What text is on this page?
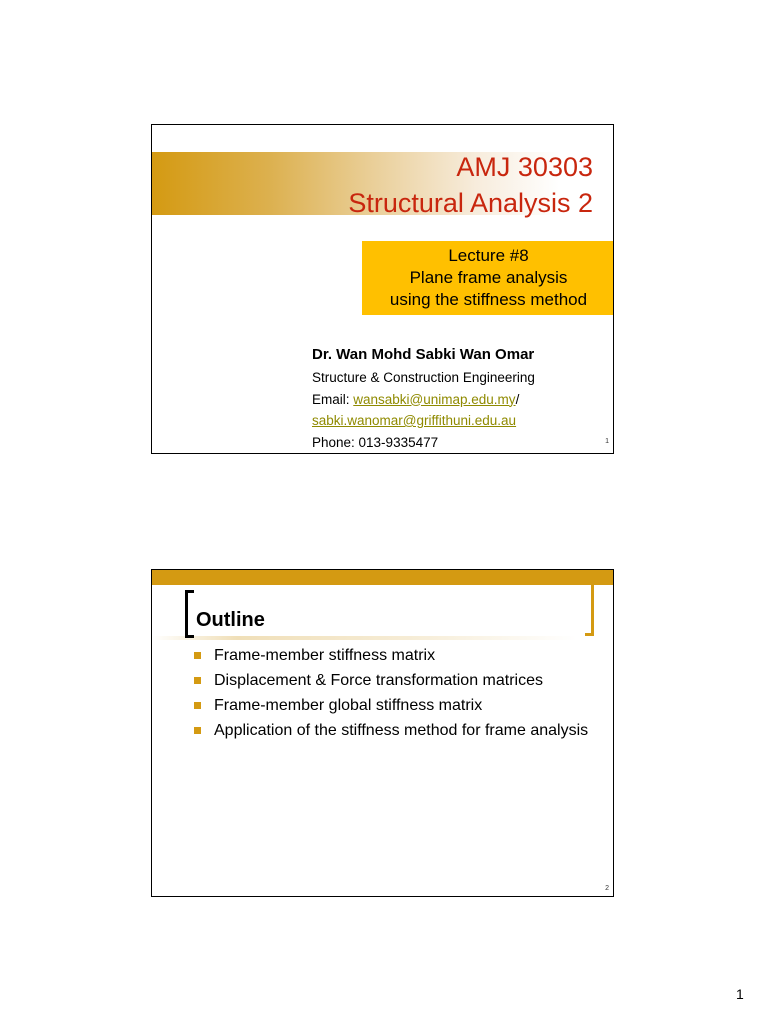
AMJ 30303
Structural Analysis 2
Lecture #8
Plane frame analysis
using the stiffness method
Dr. Wan Mohd Sabki Wan Omar
Structure & Construction Engineering
Email: wansabki@unimap.edu.my/
sabki.wanomar@griffithuni.edu.au
Phone: 013-9335477	1
Outline
Frame-member stiffness matrix
Displacement & Force transformation matrices
Frame-member global stiffness matrix
Application of the stiffness method for frame analysis
2
1
